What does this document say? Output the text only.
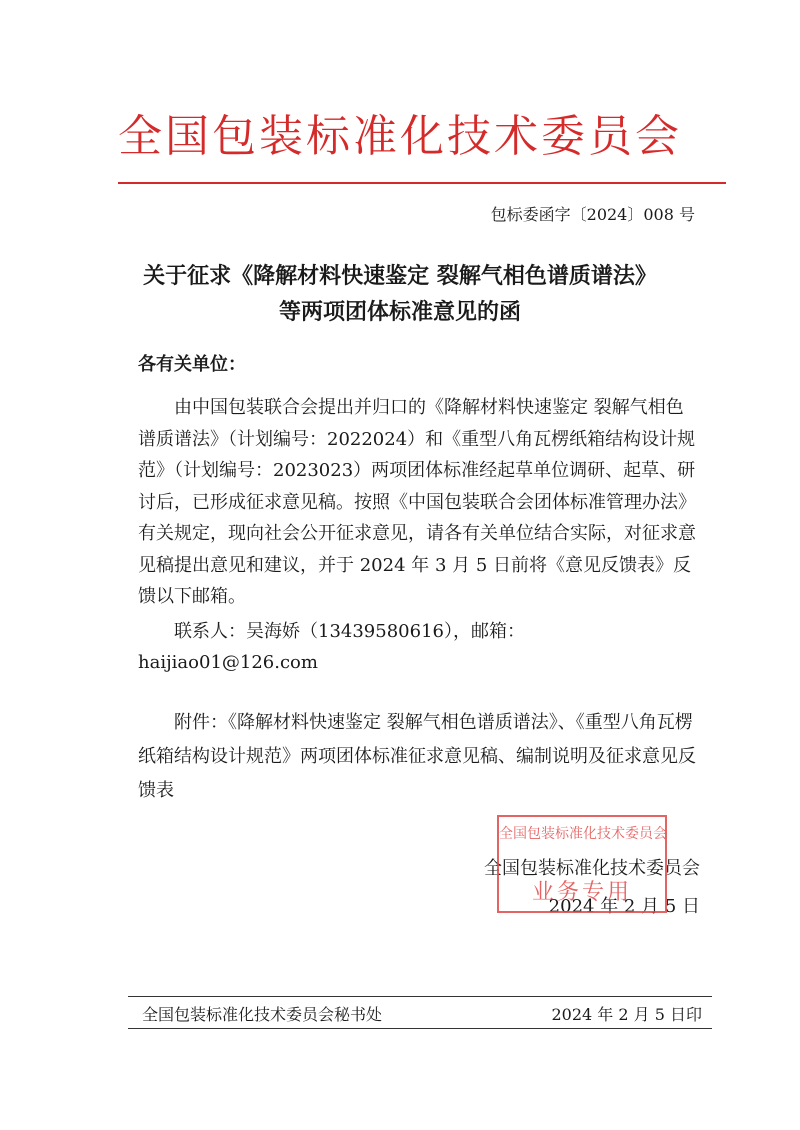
全国包装标准化技术委员会
包标委函字〔2024〕008 号
关于征求《降解材料快速鉴定 裂解气相色谱质谱法》
等两项团体标准意见的函
各有关单位：

由中国包装联合会提出并归口的《降解材料快速鉴定 裂解气相色谱质谱法》（计划编号：2022024）和《重型八角瓦楞纸箱结构设计规范》（计划编号：2023023）两项团体标准经起草单位调研、起草、研讨后，已形成征求意见稿。按照《中国包装联合会团体标准管理办法》有关规定，现向社会公开征求意见，请各有关单位结合实际，对征求意见稿提出意见和建议，并于 2024 年 3 月 5 日前将《意见反馈表》反馈以下邮箱。

联系人：吴海娇（13439580616），邮箱：haijiao01@126.com

附件：《降解材料快速鉴定 裂解气相色谱质谱法》、《重型八角瓦楞纸箱结构设计规范》两项团体标准征求意见稿、编制说明及征求意见反馈表

全国包装标准化技术委员会
2024 年 2 月 5 日
全国包装标准化技术委员会
业务专用
全国包装标准化技术委员会秘书处	2024 年 2 月 5 日印
